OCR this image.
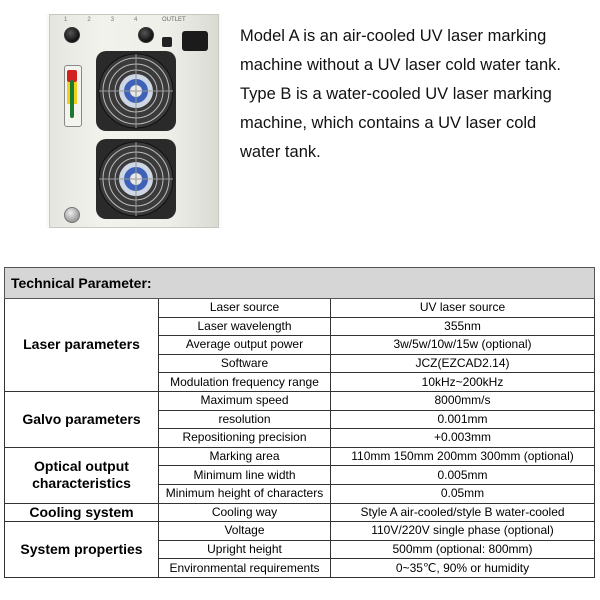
1	2	3	4	OUTLET
Model A is an air-cooled UV laser marking
machine without a UV laser cold water tank.
Type B is a water-cooled UV laser marking
machine, which contains a UV laser cold
water tank.
Technical Parameter:		
Laser parameters	Laser source	UV laser source
	Laser wavelength	355nm
	Average output power	3w/5w/10w/15w (optional)
	Software	JCZ(EZCAD2.14)
	Modulation frequency range	10kHz~200kHz
Galvo parameters	Maximum speed	8000mm/s
	resolution	0.001mm
	Repositioning precision	+0.003mm
Optical output characteristics	Marking area	110mm 150mm 200mm 300mm (optional)
	Minimum line width	0.005mm
	Minimum height of characters	0.05mm
Cooling system	Cooling way	Style A air-cooled/style B water-cooled
System properties	Voltage	110V/220V single phase (optional)
	Upright height	500mm (optional: 800mm)
	Environmental requirements	0~35℃, 90% or humidity
